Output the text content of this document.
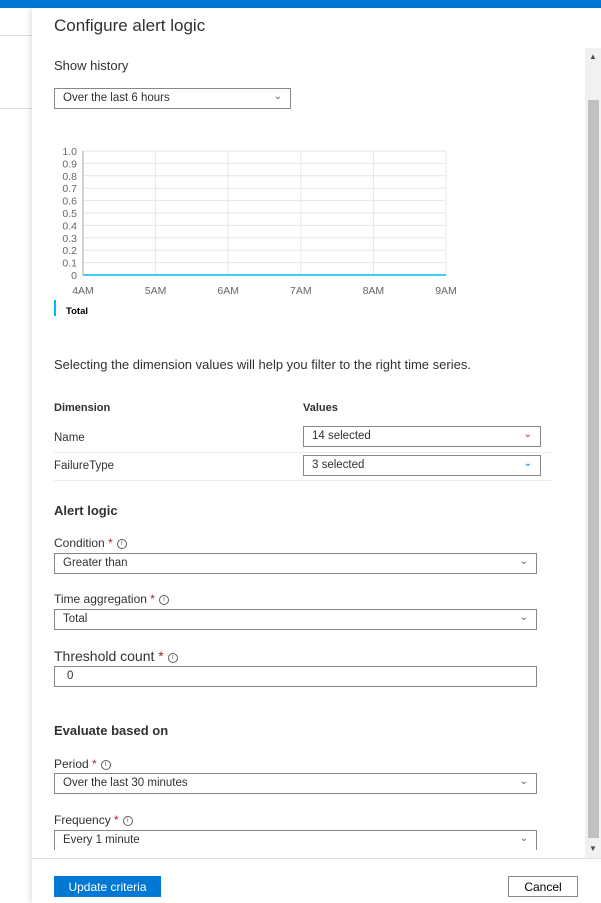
Configure alert logic
Show history
Over the last 6 hours	⌄
0
0.1
0.2
0.3
0.4
0.5
0.6
0.7
0.8
0.9
1.0
4AM	5AM	6AM	7AM	8AM	9AM
Total
Selecting the dimension values will help you filter to the right time series.
Dimension	Values
Name	14 selected	⌄
FailureType	3 selected	⌄
Alert logic
Condition * i
Greater than	⌄
Time aggregation * i
Total	⌄
Threshold count * i
0
Evaluate based on
Period * i
Over the last 30 minutes	⌄
Frequency * i
Every 1 minute	⌄
▲
▼
Update criteria	Cancel
